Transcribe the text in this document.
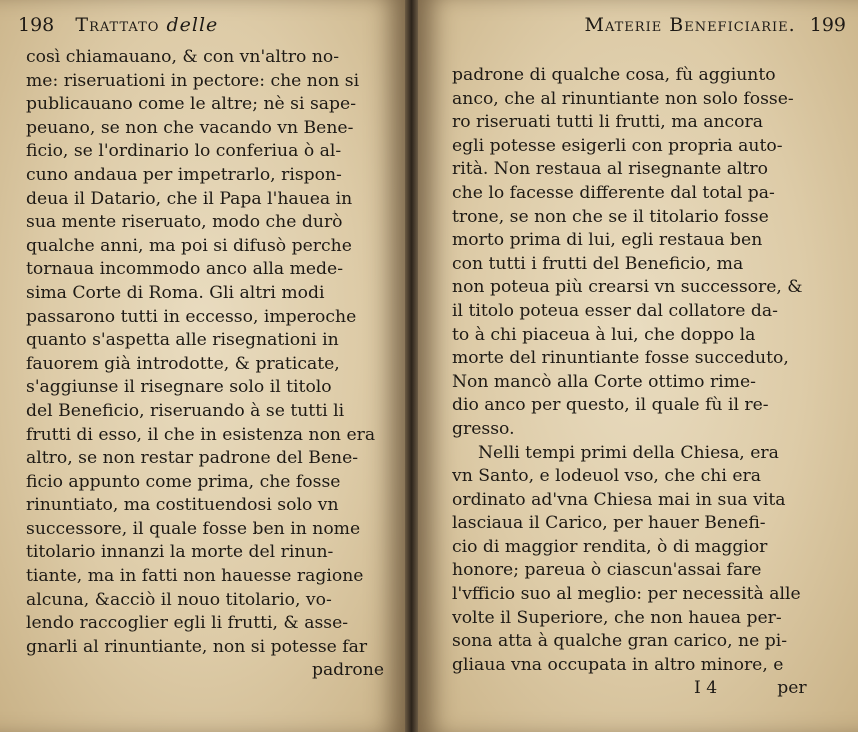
198 Trattato delle
così chiamauano, & con vn'altro no-
me: riseruationi in pectore: che non si
publicauano come le altre; nè si sape-
peuano, se non che vacando vn Bene-
ficio, se l'ordinario lo conferiua ò al-
cuno andaua per impetrarlo, rispon-
deua il Datario, che il Papa l'hauea in
sua mente riseruato, modo che durò
qualche anni, ma poi si difusò perche
tornaua incommodo anco alla mede-
sima Corte di Roma. Gli altri modi
passarono tutti in eccesso, imperoche
quanto s'aspetta alle risegnationi in
fauorem già introdotte, & praticate,
s'aggiunse il risegnare solo il titolo
del Beneficio, riseruando à se tutti li
frutti di esso, il che in esistenza non era
altro, se non restar padrone del Bene-
ficio appunto come prima, che fosse
rinuntiato, ma costituendosi solo vn
successore, il quale fosse ben in nome
titolario innanzi la morte del rinun-
tiante, ma in fatti non hauesse ragione
alcuna, &acciò il nouo titolario, vo-
lendo raccoglier egli li frutti, & asse-
gnarli al rinuntiante, non si potesse far
padrone
Materie Beneficiarie. 199
padrone di qualche cosa, fù aggiunto
anco, che al rinuntiante non solo fosse-
ro riseruati tutti li frutti, ma ancora
egli potesse esigerli con propria auto-
rità. Non restaua al risegnante altro
che lo facesse differente dal total pa-
trone, se non che se il titolario fosse
morto prima di lui, egli restaua ben
con tutti i frutti del Beneficio, ma
non poteua più crearsi vn successore, &
il titolo poteua esser dal collatore da-
to à chi piaceua à lui, che doppo la
morte del rinuntiante fosse succeduto,
Non mancò alla Corte ottimo rime-
dio anco per questo, il quale fù il re-
gresso.
Nelli tempi primi della Chiesa, era
vn Santo, e lodeuol vso, che chi era
ordinato ad'vna Chiesa mai in sua vita
lasciaua il Carico, per hauer Benefi-
cio di maggior rendita, ò di maggior
honore; pareua ò ciascun'assai fare
l'vfficio suo al meglio: per necessità alle
volte il Superiore, che non hauea per-
sona atta à qualche gran carico, ne pi-
gliaua vna occupata in altro minore, e
I 4	per
